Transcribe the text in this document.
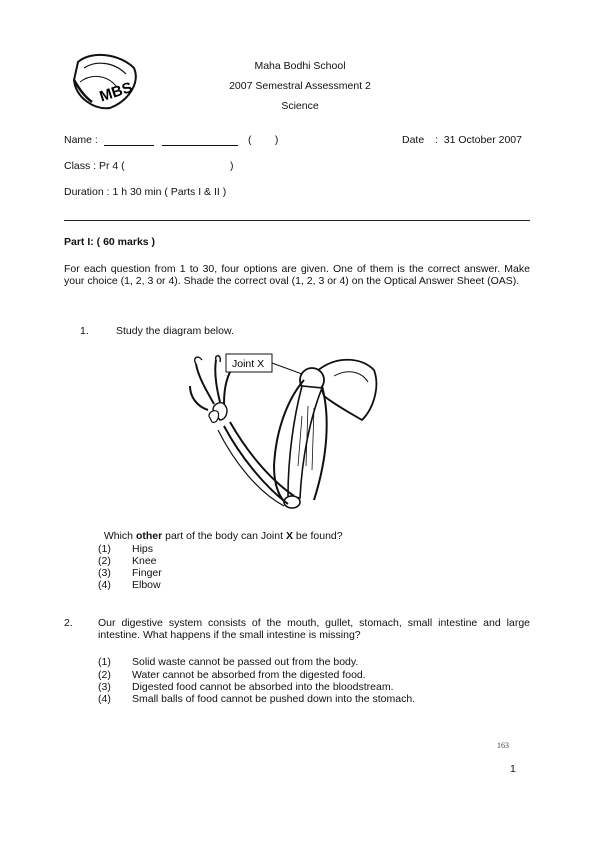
MBS
Maha Bodhi School
2007 Semestral Assessment 2
Science
Name :	(        )	Date :  31 October 2007
Class : Pr 4 (	)
Duration : 1 h 30 min ( Parts I & II )
Part I: ( 60 marks )
For each question from 1 to 30, four options are given. One of them is the correct answer. Make your choice (1, 2, 3 or 4). Shade the correct oval (1, 2, 3 or 4) on the Optical Answer Sheet (OAS).
1.	Study the diagram below.
Joint X

Which other part of the body can Joint X be found?

(1) Hips
(2) Knee
(3) Finger
(4) Elbow
2. Our digestive system consists of the mouth, gullet, stomach, small intestine and large intestine. What happens if the small intestine is missing?
(1) Solid waste cannot be passed out from the body.
(2) Water cannot be absorbed from the digested food.
(3) Digested food cannot be absorbed into the bloodstream.
(4) Small balls of food cannot be pushed down into the stomach.
163
1
